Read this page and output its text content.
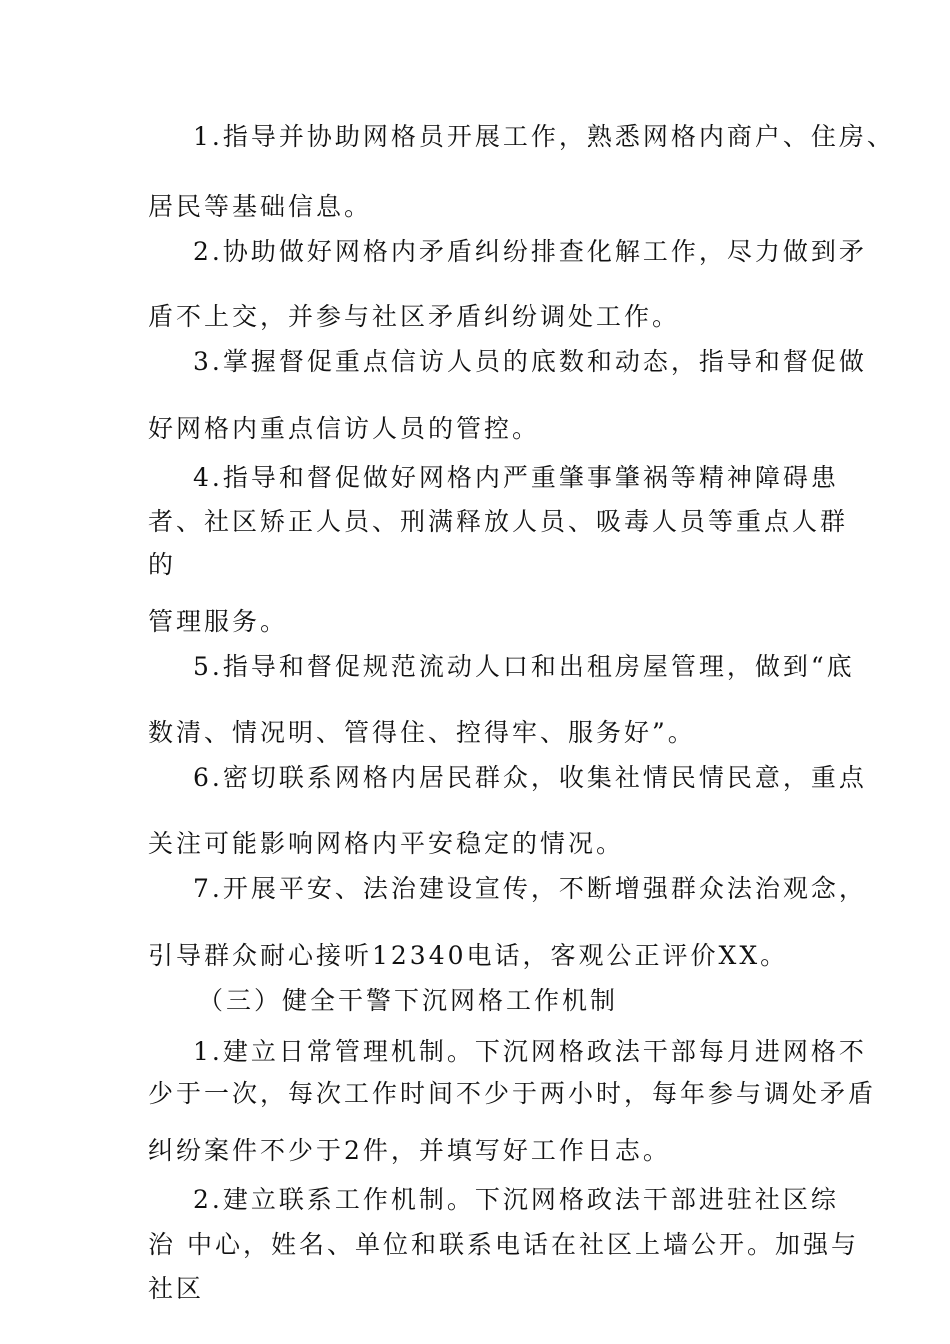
1.指导并协助网格员开展工作，熟悉网格内商户、住房、
居民等基础信息。
2.协助做好网格内矛盾纠纷排查化解工作，尽力做到矛
盾不上交，并参与社区矛盾纠纷调处工作。
3.掌握督促重点信访人员的底数和动态，指导和督促做
好网格内重点信访人员的管控。
4.指导和督促做好网格内严重肇事肇祸等精神障碍患
者、社区矫正人员、刑满释放人员、吸毒人员等重点人群
的
管理服务。
5.指导和督促规范流动人口和出租房屋管理，做到“底
数清、情况明、管得住、控得牢、服务好”。
6.密切联系网格内居民群众，收集社情民情民意，重点
关注可能影响网格内平安稳定的情况。
7.开展平安、法治建设宣传，不断增强群众法治观念，
引导群众耐心接听12340电话，客观公正评价XX。
（三）健全干警下沉网格工作机制
1.建立日常管理机制。下沉网格政法干部每月进网格不
少于一次，每次工作时间不少于两小时，每年参与调处矛盾
纠纷案件不少于2件，并填写好工作日志。
2.建立联系工作机制。下沉网格政法干部进驻社区综
治 中心，姓名、单位和联系电话在社区上墙公开。加强与
社区
